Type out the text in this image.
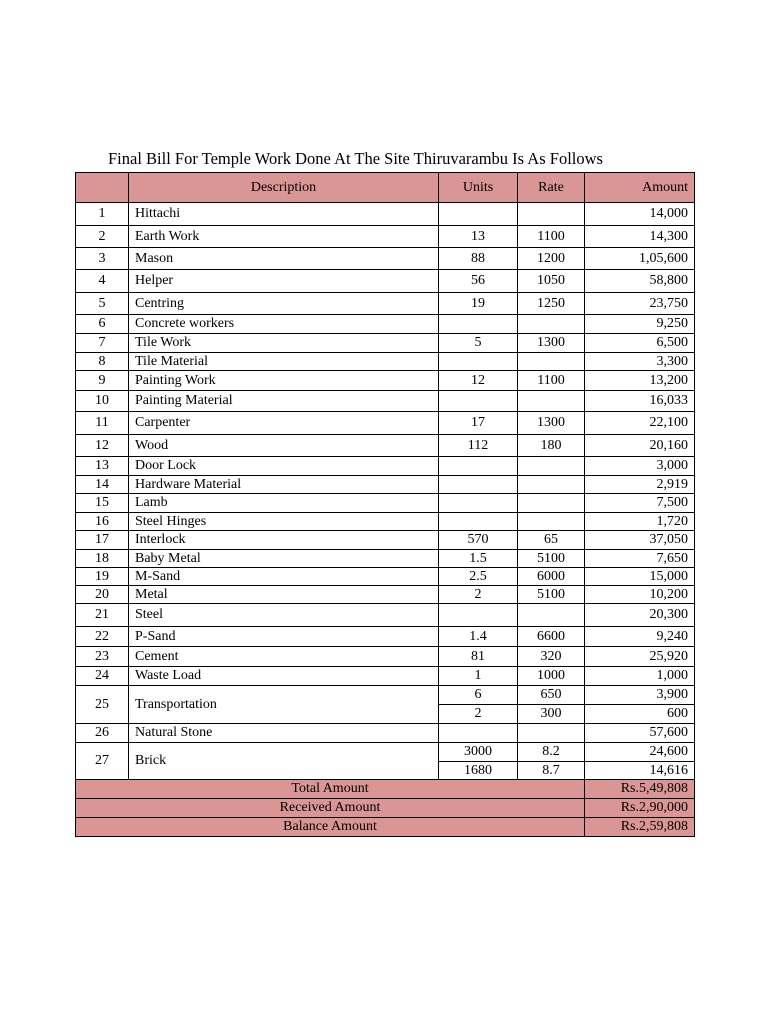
Final Bill For Temple Work Done At The Site Thiruvarambu Is As Follows
	Description	Units	Rate	Amount
1	Hittachi			14,000
2	Earth Work	13	1100	14,300
3	Mason	88	1200	1,05,600
4	Helper	56	1050	58,800
5	Centring	19	1250	23,750
6	Concrete workers			9,250
7	Tile Work	5	1300	6,500
8	Tile Material			3,300
9	Painting Work	12	1100	13,200
10	Painting Material			16,033
11	Carpenter	17	1300	22,100
12	Wood	112	180	20,160
13	Door Lock			3,000
14	Hardware Material			2,919
15	Lamb			7,500
16	Steel Hinges			1,720
17	Interlock	570	65	37,050
18	Baby Metal	1.5	5100	7,650
19	M-Sand	2.5	6000	15,000
20	Metal	2	5100	10,200
21	Steel			20,300
22	P-Sand	1.4	6600	9,240
23	Cement	81	320	25,920
24	Waste Load	1	1000	1,000
25	Transportation	6	650	3,900
		2	300	600
26	Natural Stone			57,600
27	Brick	3000	8.2	24,600
		1680	8.7	14,616
Total Amount				Rs.5,49,808
Received Amount				Rs.2,90,000
Balance Amount				Rs.2,59,808
